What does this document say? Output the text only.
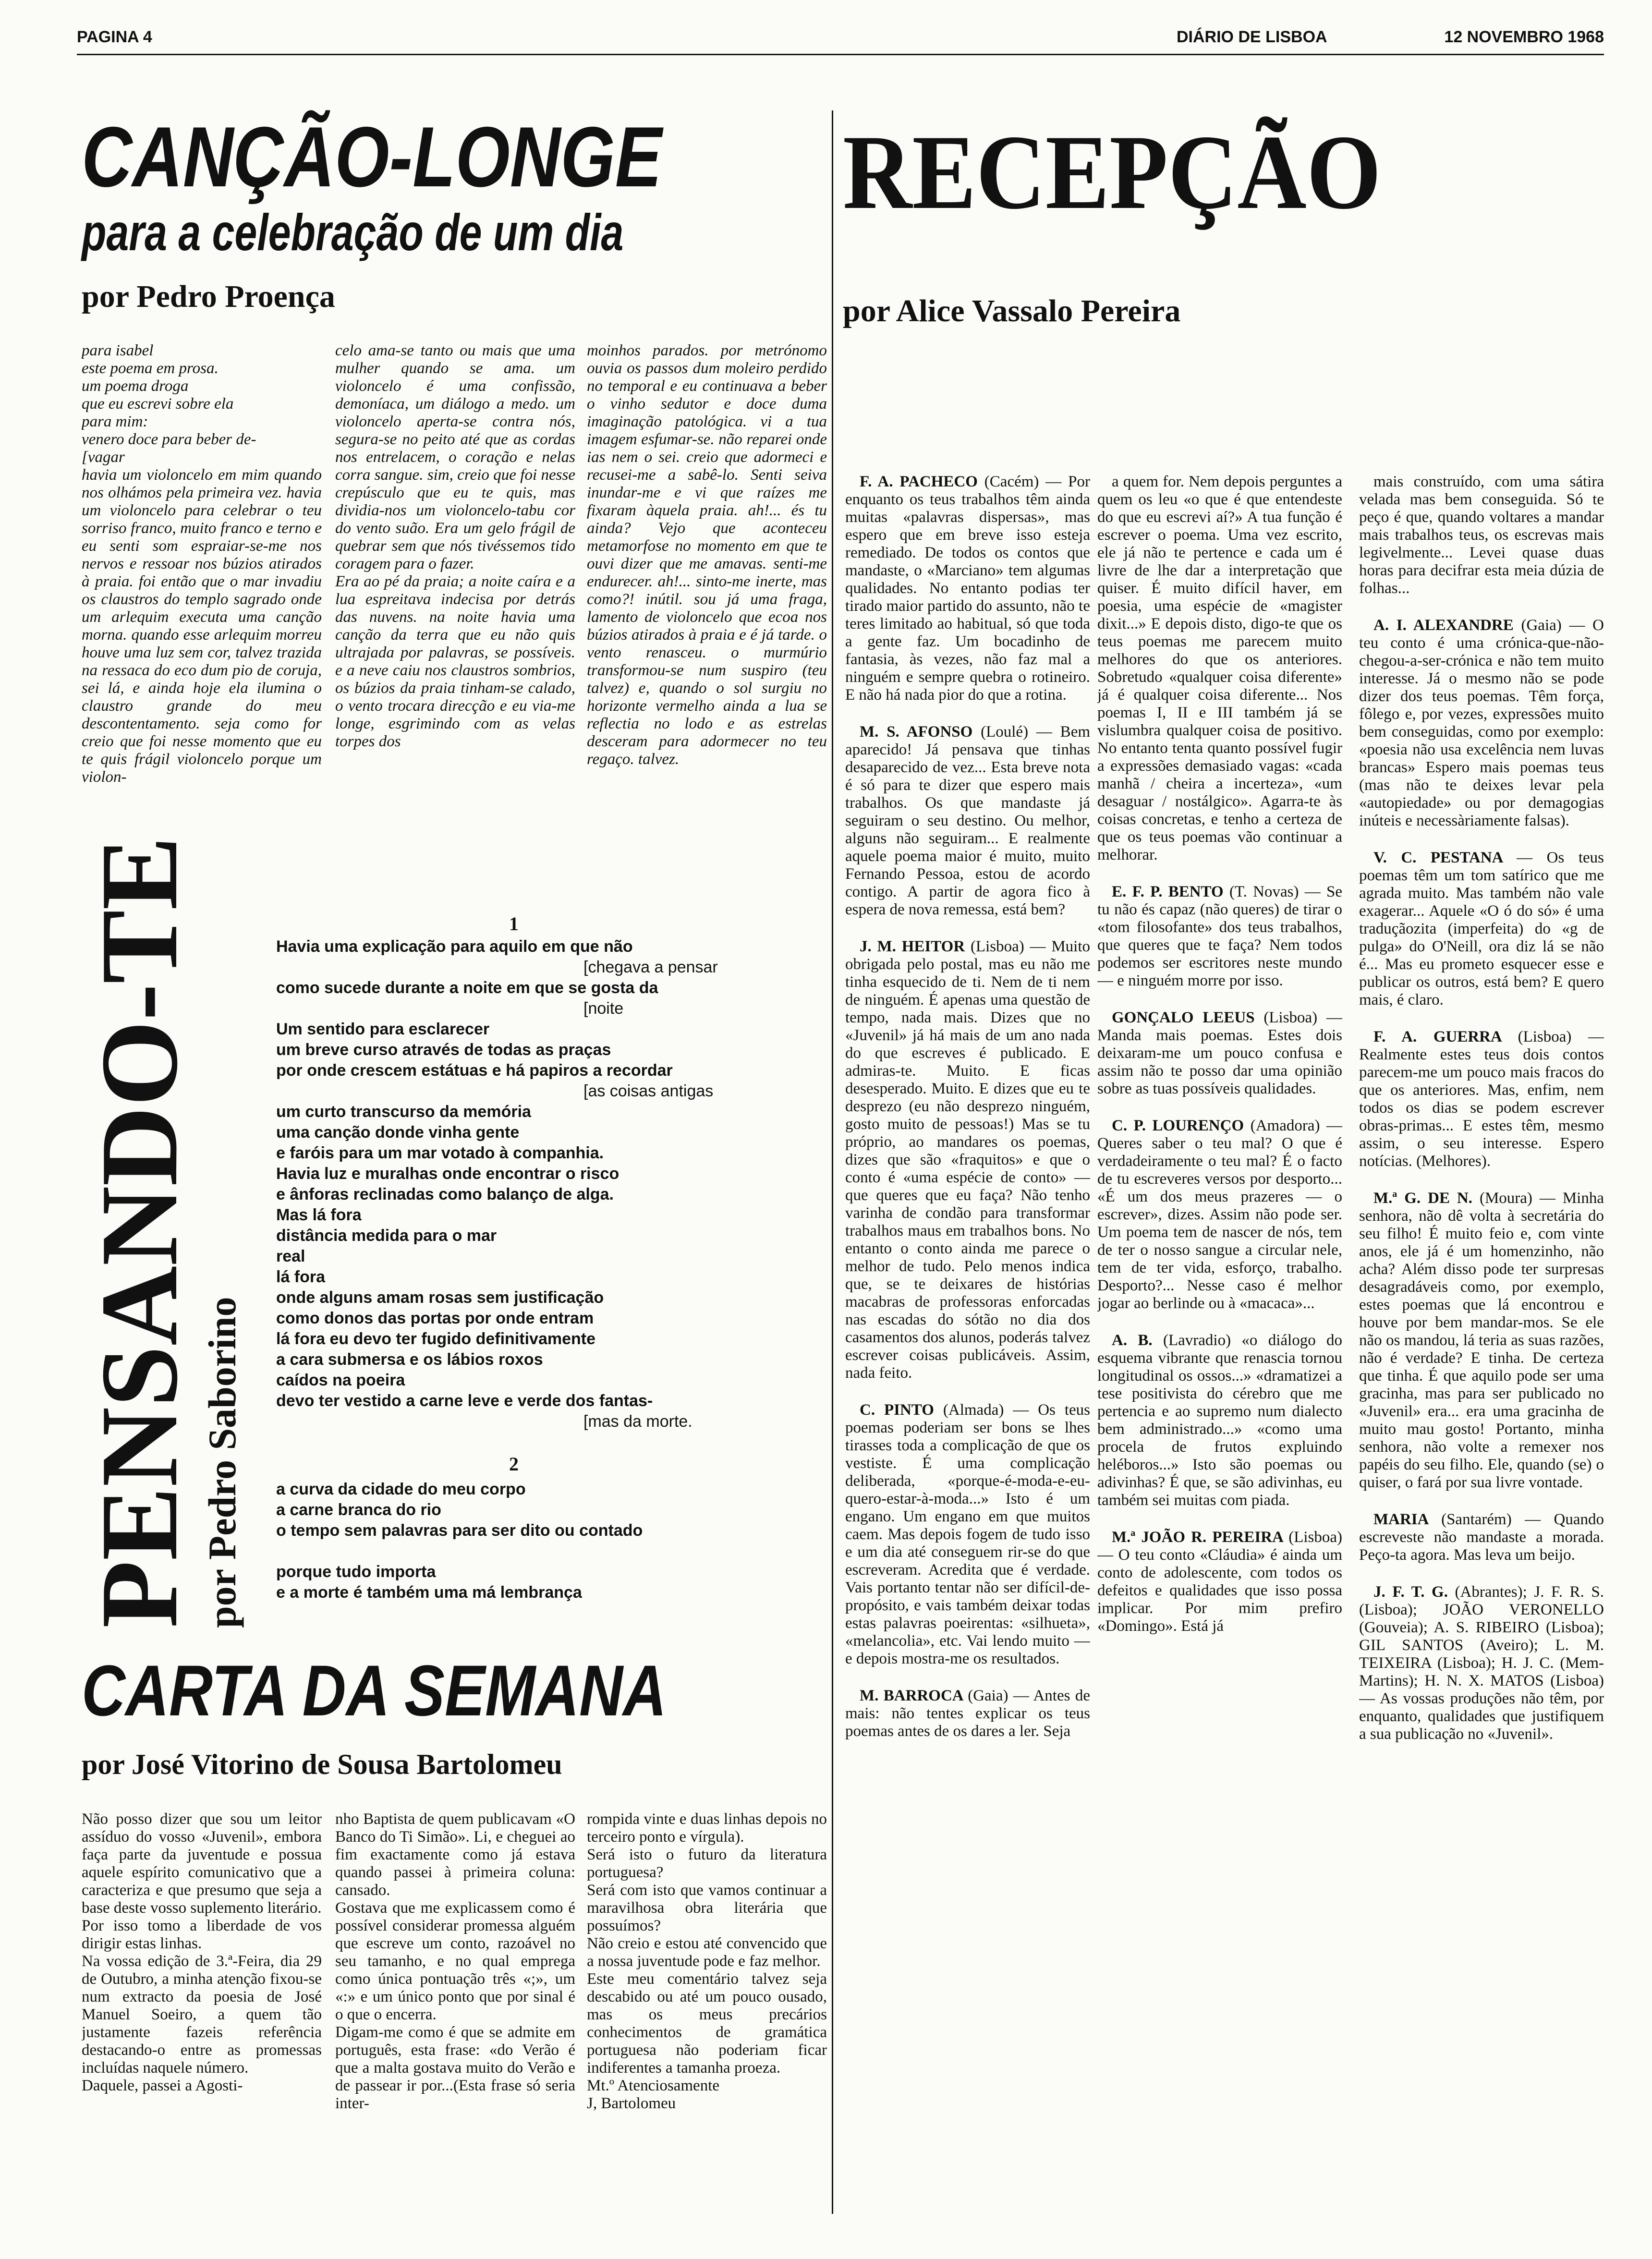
PAGINA 4	DIÁRIO DE LISBOA	12 NOVEMBRO 1968
CANÇÃO-LONGE
para a celebração de um dia
por Pedro Proença
para isabel
este poema em prosa.
um poema droga
que eu escrevi sobre ela
para mim:
venero doce para beber de-
[vagar
havia um violoncelo em mim quando nos olhámos pela primeira vez. havia um violoncelo para celebrar o teu sorriso franco, muito franco e terno e eu senti som espraiar-se-me nos nervos e ressoar nos búzios atirados à praia. foi então que o mar invadiu os claustros do templo sagrado onde um arlequim executa uma canção morna. quando esse arlequim morreu houve uma luz sem cor, talvez trazida na ressaca do eco dum pio de coruja, sei lá, e ainda hoje ela ilumina o claustro grande do meu descontentamento. seja como for creio que foi nesse momento que eu te quis frágil violoncelo porque um violon-
celo ama-se tanto ou mais que uma mulher quando se ama. um violoncelo é uma confissão, demoníaca, um diálogo a medo. um violoncelo aperta-se contra nós, segura-se no peito até que as cordas nos entrelacem, o coração e nelas corra sangue. sim, creio que foi nesse crepúsculo que eu te quis, mas dividia-nos um violoncelo-tabu cor do vento suão. Era um gelo frágil de quebrar sem que nós tivéssemos tido coragem para o fazer.
Era ao pé da praia; a noite caíra e a lua espreitava indecisa por detrás das nuvens. na noite havia uma canção da terra que eu não quis ultrajada por palavras, se possíveis. e a neve caiu nos claustros sombrios, os búzios da praia tinham-se calado, o vento trocara direcção e eu via-me longe, esgrimindo com as velas torpes dos
moinhos parados. por metrónomo ouvia os passos dum moleiro perdido no temporal e eu continuava a beber o vinho sedutor e doce duma imaginação patológica. vi a tua imagem esfumar-se. não reparei onde ias nem o sei. creio que adormeci e recusei-me a sabê-lo. Senti seiva inundar-me e vi que raízes me fixaram àquela praia. ah!... és tu ainda? Vejo que aconteceu metamorfose no momento em que te ouvi dizer que me amavas. senti-me endurecer. ah!... sinto-me inerte, mas como?! inútil. sou já uma fraga, lamento de violoncelo que ecoa nos búzios atirados à praia e é já tarde. o vento renasceu. o murmúrio transformou-se num suspiro (teu talvez) e, quando o sol surgiu no horizonte vermelho ainda a lua se reflectia no lodo e as estrelas desceram para adormecer no teu regaço. talvez.
PENSANDO-TE por Pedro Saborino
1
Havia uma explicação para aquilo em que não
[chegava a pensar
como sucede durante a noite em que se gosta da
[noite
Um sentido para esclarecer
um breve curso através de todas as praças
por onde crescem estátuas e há papiros a recordar
[as coisas antigas
um curto transcurso da memória
uma canção donde vinha gente
e faróis para um mar votado à companhia.
Havia luz e muralhas onde encontrar o risco
e ânforas reclinadas como balanço de alga.
Mas lá fora
distância medida para o mar
real
lá fora
onde alguns amam rosas sem justificação
como donos das portas por onde entram
lá fora eu devo ter fugido definitivamente
a cara submersa e os lábios roxos
caídos na poeira
devo ter vestido a carne leve e verde dos fantas-
[mas da morte.
2
a curva da cidade do meu corpo
a carne branca do rio
o tempo sem palavras para ser dito ou contado

porque tudo importa
e a morte é também uma má lembrança
CARTA DA SEMANA
por José Vitorino de Sousa Bartolomeu
Não posso dizer que sou um leitor assíduo do vosso «Juvenil», embora faça parte da juventude e possua aquele espírito comunicativo que a caracteriza e que presumo que seja a base deste vosso suplemento literário.
Por isso tomo a liberdade de vos dirigir estas linhas.
Na vossa edição de 3.ª-Feira, dia 29 de Outubro, a minha atenção fixou-se num extracto da poesia de José Manuel Soeiro, a quem tão justamente fazeis referência destacando-o entre as promessas incluídas naquele número.
Daquele, passei a Agosti-
nho Baptista de quem publicavam «O Banco do Ti Simão». Li, e cheguei ao fim exactamente como já estava quando passei à primeira coluna: cansado.
Gostava que me explicassem como é possível considerar promessa alguém que escreve um conto, razoável no seu tamanho, e no qual emprega como única pontuação três «;», um «:» e um único ponto que por sinal é o que o encerra.
Digam-me como é que se admite em português, esta frase: «do Verão é que a malta gostava muito do Verão e de passear ir por...(Esta frase só seria inter-
rompida vinte e duas linhas depois no terceiro ponto e vírgula).
Será isto o futuro da literatura portuguesa?
Será com isto que vamos continuar a maravilhosa obra literária que possuímos?
Não creio e estou até convencido que a nossa juventude pode e faz melhor.
Este meu comentário talvez seja descabido ou até um pouco ousado, mas os meus precários conhecimentos de gramática portuguesa não poderiam ficar indiferentes a tamanha proeza.
Mt.º Atenciosamente
J, Bartolomeu
RECEPÇÃO
por Alice Vassalo Pereira

F. A. PACHECO (Cacém) — Por enquanto os teus trabalhos têm ainda muitas «palavras dispersas», mas espero que em breve isso esteja remediado. De todos os contos que mandaste, o «Marciano» tem algumas qualidades. No entanto podias ter tirado maior partido do assunto, não te teres limitado ao habitual, só que toda a gente faz. Um bocadinho de fantasia, às vezes, não faz mal a ninguém e sempre quebra o rotineiro. E não há nada pior do que a rotina.

M. S. AFONSO (Loulé) — Bem aparecido! Já pensava que tinhas desaparecido de vez... Esta breve nota é só para te dizer que espero mais trabalhos. Os que mandaste já seguiram o seu destino. Ou melhor, alguns não seguiram... E realmente aquele poema maior é muito, muito Fernando Pessoa, estou de acordo contigo. A partir de agora fico à espera de nova remessa, está bem?

J. M. HEITOR (Lisboa) — Muito obrigada pelo postal, mas eu não me tinha esquecido de ti. Nem de ti nem de ninguém. É apenas uma questão de tempo, nada mais. Dizes que no «Juvenil» já há mais de um ano nada do que escreves é publicado. E admiras-te. Muito. E ficas desesperado. Muito. E dizes que eu te desprezo (eu não desprezo ninguém, gosto muito de pessoas!) Mas se tu próprio, ao mandares os poemas, dizes que são «fraquitos» e que o conto é «uma espécie de conto» — que queres que eu faça? Não tenho varinha de condão para transformar trabalhos maus em trabalhos bons. No entanto o conto ainda me parece o melhor de tudo. Pelo menos indica que, se te deixares de histórias macabras de professoras enforcadas nas escadas do sótão no dia dos casamentos dos alunos, poderás talvez escrever coisas publicáveis. Assim, nada feito.

C. PINTO (Almada) — Os teus poemas poderiam ser bons se lhes tirasses toda a complicação de que os vestiste. É uma complicação deliberada, «porque-é-moda-e-eu-quero-estar-à-moda...» Isto é um engano. Um engano em que muitos caem. Mas depois fogem de tudo isso e um dia até conseguem rir-se do que escreveram. Acredita que é verdade. Vais portanto tentar não ser difícil-de-propósito, e vais também deixar todas estas palavras poeirentas: «silhueta», «melancolia», etc. Vai lendo muito — e depois mostra-me os resultados.

M. BARROCA (Gaia) — Antes de mais: não tentes explicar os teus poemas antes de os dares a ler. Seja

a quem for. Nem depois perguntes a quem os leu «o que é que entendeste do que eu escrevi aí?» A tua função é escrever o poema. Uma vez escrito, ele já não te pertence e cada um é livre de lhe dar a interpretação que quiser. É muito difícil haver, em poesia, uma espécie de «magister dixit...» E depois disto, digo-te que os teus poemas me parecem muito melhores do que os anteriores. Sobretudo «qualquer coisa diferente» já é qualquer coisa diferente... Nos poemas I, II e III também já se vislumbra qualquer coisa de positivo. No entanto tenta quanto possível fugir a expressões demasiado vagas: «cada manhã / cheira a incerteza», «um desaguar / nostálgico». Agarra-te às coisas concretas, e tenho a certeza de que os teus poemas vão continuar a melhorar.

E. F. P. BENTO (T. Novas) — Se tu não és capaz (não queres) de tirar o «tom filosofante» dos teus trabalhos, que queres que te faça? Nem todos podemos ser escritores neste mundo — e ninguém morre por isso.

GONÇALO LEEUS (Lisboa) — Manda mais poemas. Estes dois deixaram-me um pouco confusa e assim não te posso dar uma opinião sobre as tuas possíveis qualidades.

C. P. LOURENÇO (Amadora) — Queres saber o teu mal? O que é verdadeiramente o teu mal? É o facto de tu escreveres versos por desporto... «É um dos meus prazeres — o escrever», dizes. Assim não pode ser. Um poema tem de nascer de nós, tem de ter o nosso sangue a circular nele, tem de ter vida, esforço, trabalho. Desporto?... Nesse caso é melhor jogar ao berlinde ou à «macaca»...

A. B. (Lavradio) «o diálogo do esquema vibrante que renascia tornou longitudinal os ossos...» «dramatizei a tese positivista do cérebro que me pertencia e ao supremo num dialecto bem administrado...» «como uma procela de frutos expluindo heléboros...» Isto são poemas ou adivinhas? É que, se são adivinhas, eu também sei muitas com piada.

M.ª JOÃO R. PEREIRA (Lisboa) — O teu conto «Cláudia» é ainda um conto de adolescente, com todos os defeitos e qualidades que isso possa implicar. Por mim prefiro «Domingo». Está já

mais construído, com uma sátira velada mas bem conseguida. Só te peço é que, quando voltares a mandar mais trabalhos teus, os escrevas mais legivelmente... Levei quase duas horas para decifrar esta meia dúzia de folhas...

A. I. ALEXANDRE (Gaia) — O teu conto é uma crónica-que-não-chegou-a-ser-crónica e não tem muito interesse. Já o mesmo não se pode dizer dos teus poemas. Têm força, fôlego e, por vezes, expressões muito bem conseguidas, como por exemplo: «poesia não usa excelência nem luvas brancas» Espero mais poemas teus (mas não te deixes levar pela «autopiedade» ou por demagogias inúteis e necessàriamente falsas).

V. C. PESTANA — Os teus poemas têm um tom satírico que me agrada muito. Mas também não vale exagerar... Aquele «O ó do só» é uma traduçãozita (imperfeita) do «g de pulga» do O'Neill, ora diz lá se não é... Mas eu prometo esquecer esse e publicar os outros, está bem? E quero mais, é claro.

F. A. GUERRA (Lisboa) — Realmente estes teus dois contos parecem-me um pouco mais fracos do que os anteriores. Mas, enfim, nem todos os dias se podem escrever obras-primas... E estes têm, mesmo assim, o seu interesse. Espero notícias. (Melhores).

M.ª G. DE N. (Moura) — Minha senhora, não dê volta à secretária do seu filho! É muito feio e, com vinte anos, ele já é um homenzinho, não acha? Além disso pode ter surpresas desagradáveis como, por exemplo, estes poemas que lá encontrou e houve por bem mandar-mos. Se ele não os mandou, lá teria as suas razões, não é verdade? E tinha. De certeza que tinha. É que aquilo pode ser uma gracinha, mas para ser publicado no «Juvenil» era... era uma gracinha de muito mau gosto! Portanto, minha senhora, não volte a remexer nos papéis do seu filho. Ele, quando (se) o quiser, o fará por sua livre vontade.

MARIA (Santarém) — Quando escreveste não mandaste a morada. Peço-ta agora. Mas leva um beijo.

J. F. T. G. (Abrantes); J. F. R. S. (Lisboa); JOÃO VERONELLO (Gouveia); A. S. RIBEIRO (Lisboa); GIL SANTOS (Aveiro); L. M. TEIXEIRA (Lisboa); H. J. C. (Mem-Martins); H. N. X. MATOS (Lisboa) — As vossas produções não têm, por enquanto, qualidades que justifiquem a sua publicação no «Juvenil».
